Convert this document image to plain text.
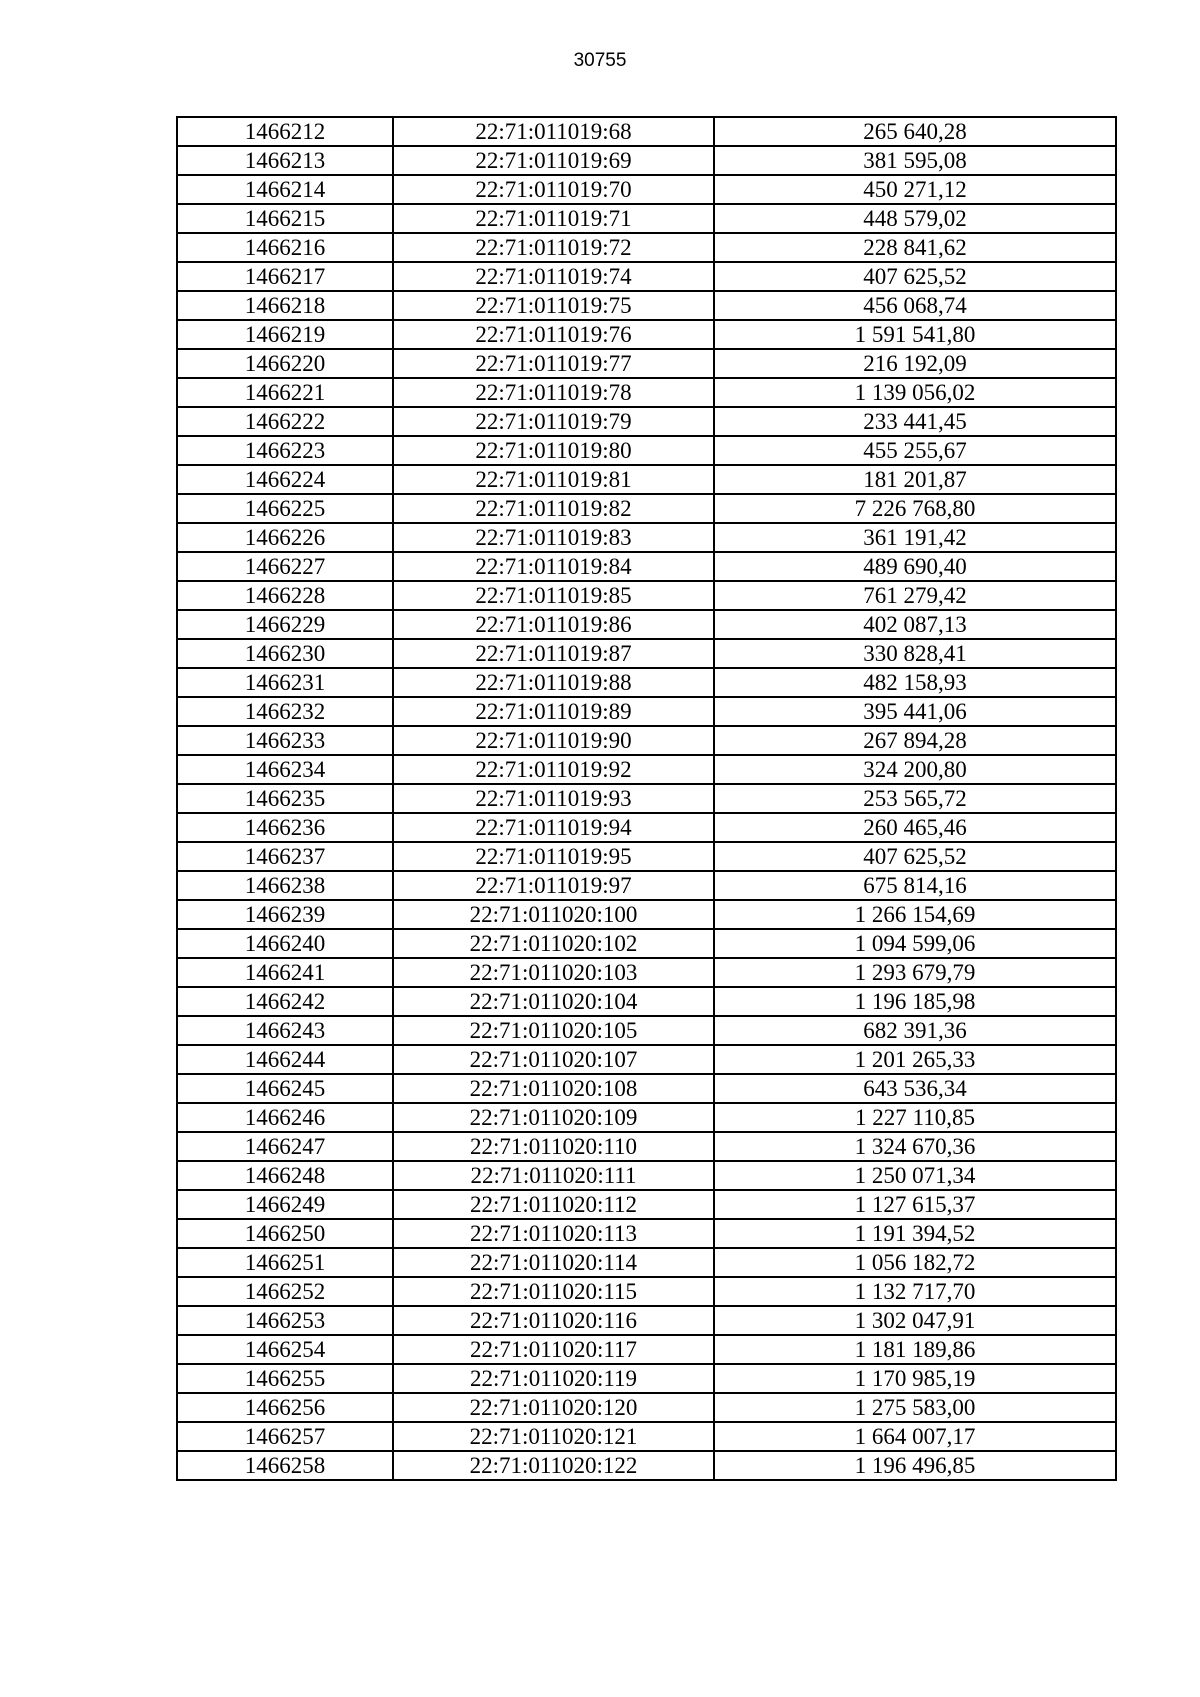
30755
1466212	22:71:011019:68	265 640,28
1466213	22:71:011019:69	381 595,08
1466214	22:71:011019:70	450 271,12
1466215	22:71:011019:71	448 579,02
1466216	22:71:011019:72	228 841,62
1466217	22:71:011019:74	407 625,52
1466218	22:71:011019:75	456 068,74
1466219	22:71:011019:76	1 591 541,80
1466220	22:71:011019:77	216 192,09
1466221	22:71:011019:78	1 139 056,02
1466222	22:71:011019:79	233 441,45
1466223	22:71:011019:80	455 255,67
1466224	22:71:011019:81	181 201,87
1466225	22:71:011019:82	7 226 768,80
1466226	22:71:011019:83	361 191,42
1466227	22:71:011019:84	489 690,40
1466228	22:71:011019:85	761 279,42
1466229	22:71:011019:86	402 087,13
1466230	22:71:011019:87	330 828,41
1466231	22:71:011019:88	482 158,93
1466232	22:71:011019:89	395 441,06
1466233	22:71:011019:90	267 894,28
1466234	22:71:011019:92	324 200,80
1466235	22:71:011019:93	253 565,72
1466236	22:71:011019:94	260 465,46
1466237	22:71:011019:95	407 625,52
1466238	22:71:011019:97	675 814,16
1466239	22:71:011020:100	1 266 154,69
1466240	22:71:011020:102	1 094 599,06
1466241	22:71:011020:103	1 293 679,79
1466242	22:71:011020:104	1 196 185,98
1466243	22:71:011020:105	682 391,36
1466244	22:71:011020:107	1 201 265,33
1466245	22:71:011020:108	643 536,34
1466246	22:71:011020:109	1 227 110,85
1466247	22:71:011020:110	1 324 670,36
1466248	22:71:011020:111	1 250 071,34
1466249	22:71:011020:112	1 127 615,37
1466250	22:71:011020:113	1 191 394,52
1466251	22:71:011020:114	1 056 182,72
1466252	22:71:011020:115	1 132 717,70
1466253	22:71:011020:116	1 302 047,91
1466254	22:71:011020:117	1 181 189,86
1466255	22:71:011020:119	1 170 985,19
1466256	22:71:011020:120	1 275 583,00
1466257	22:71:011020:121	1 664 007,17
1466258	22:71:011020:122	1 196 496,85
